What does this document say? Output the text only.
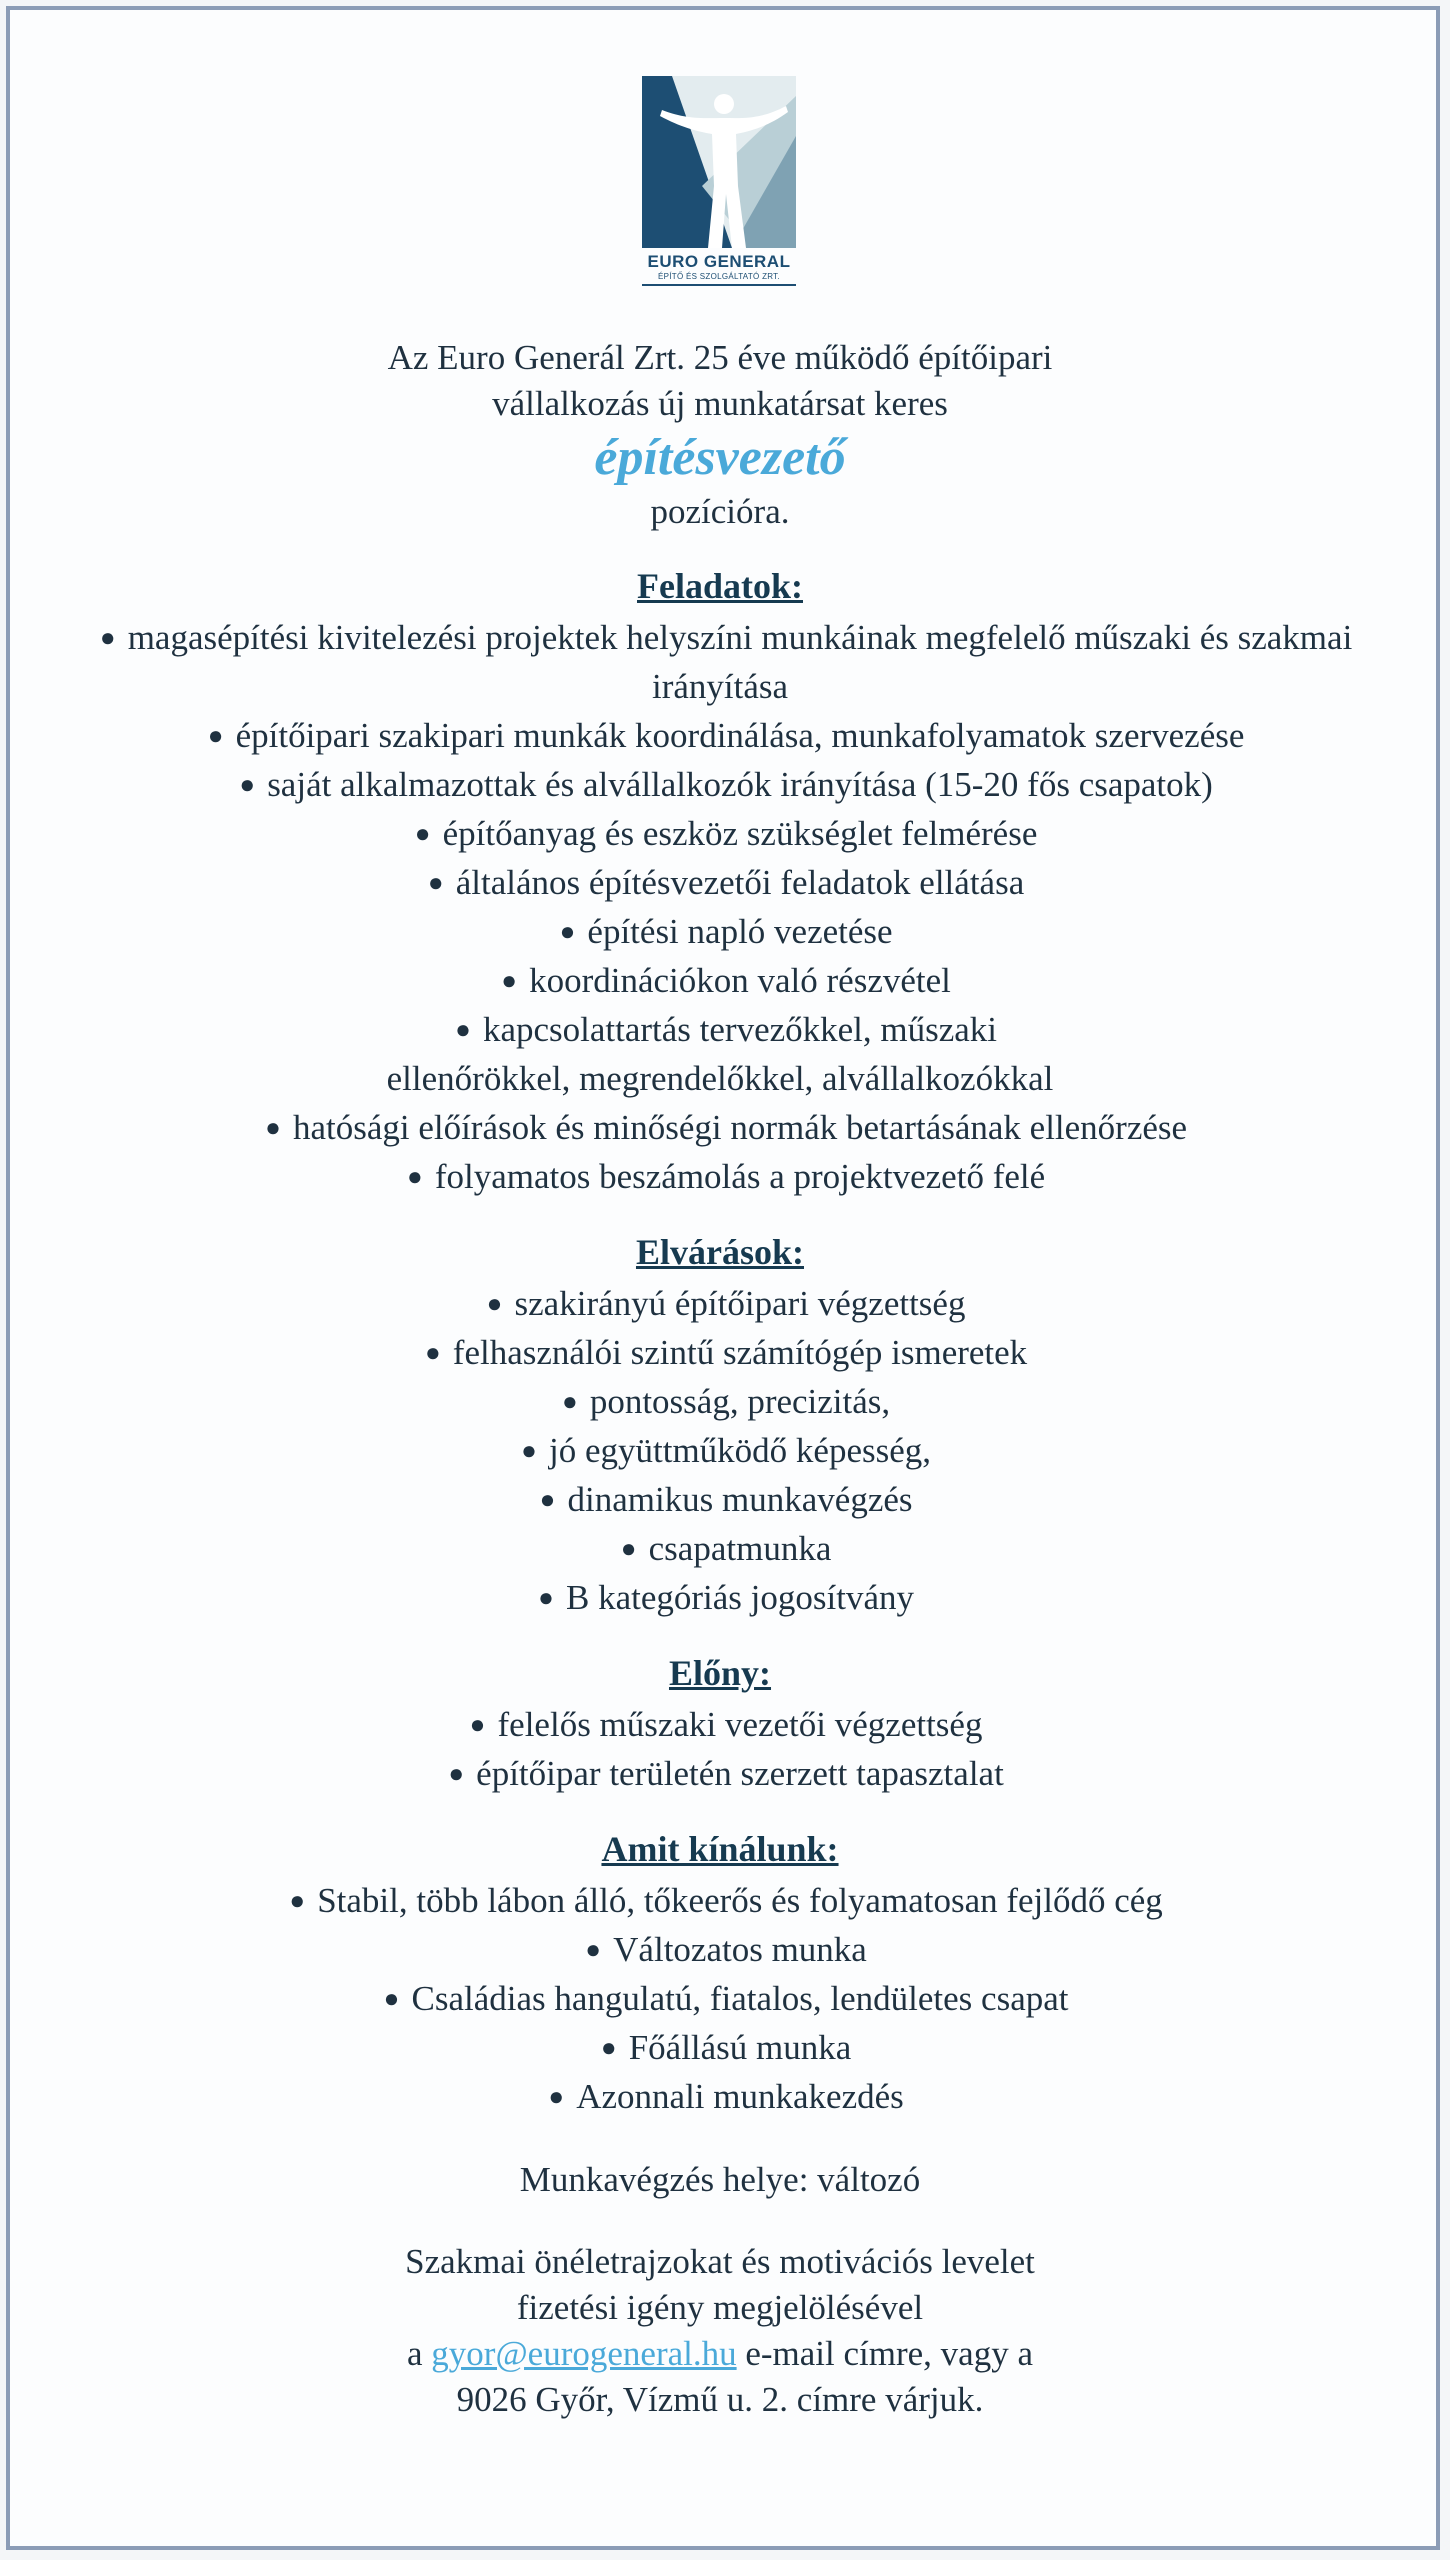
EURO GENERAL
ÉPÍTŐ ÉS SZOLGÁLTATÓ ZRT.

Az Euro Generál Zrt. 25 éve működő építőipari

vállalkozás új munkatársat keres

építésvezető

pozícióra.

Feladatok:
● magasépítési kivitelezési projektek helyszíni munkáinak megfelelő műszaki és szakmai irányítása
● építőipari szakipari munkák koordinálása, munkafolyamatok szervezése
● saját alkalmazottak és alvállalkozók irányítása (15-20 fős csapatok)
● építőanyag és eszköz szükséglet felmérése
● általános építésvezetői feladatok ellátása
● építési napló vezetése
● koordinációkon való részvétel
● kapcsolattartás tervezőkkel, műszaki ellenőrökkel, megrendelőkkel, alvállalkozókkal
● hatósági előírások és minőségi normák betartásának ellenőrzése
● folyamatos beszámolás a projektvezető felé
Elvárások:
● szakirányú építőipari végzettség
● felhasználói szintű számítógép ismeretek
● pontosság, precizitás,
● jó együttműködő képesség,
● dinamikus munkavégzés
● csapatmunka
● B kategóriás jogosítvány
Előny:
● felelős műszaki vezetői végzettség
● építőipar területén szerzett tapasztalat
Amit kínálunk:
● Stabil, több lábon álló, tőkeerős és folyamatosan fejlődő cég
● Változatos munka
● Családias hangulatú, fiatalos, lendületes csapat
● Főállású munka
● Azonnali munkakezdés

Munkavégzés helye: változó

Szakmai önéletrajzokat és motivációs levelet

fizetési igény megjelölésével

a gyor@eurogeneral.hu e-mail címre, vagy a

9026 Győr, Vízmű u. 2. címre várjuk.
